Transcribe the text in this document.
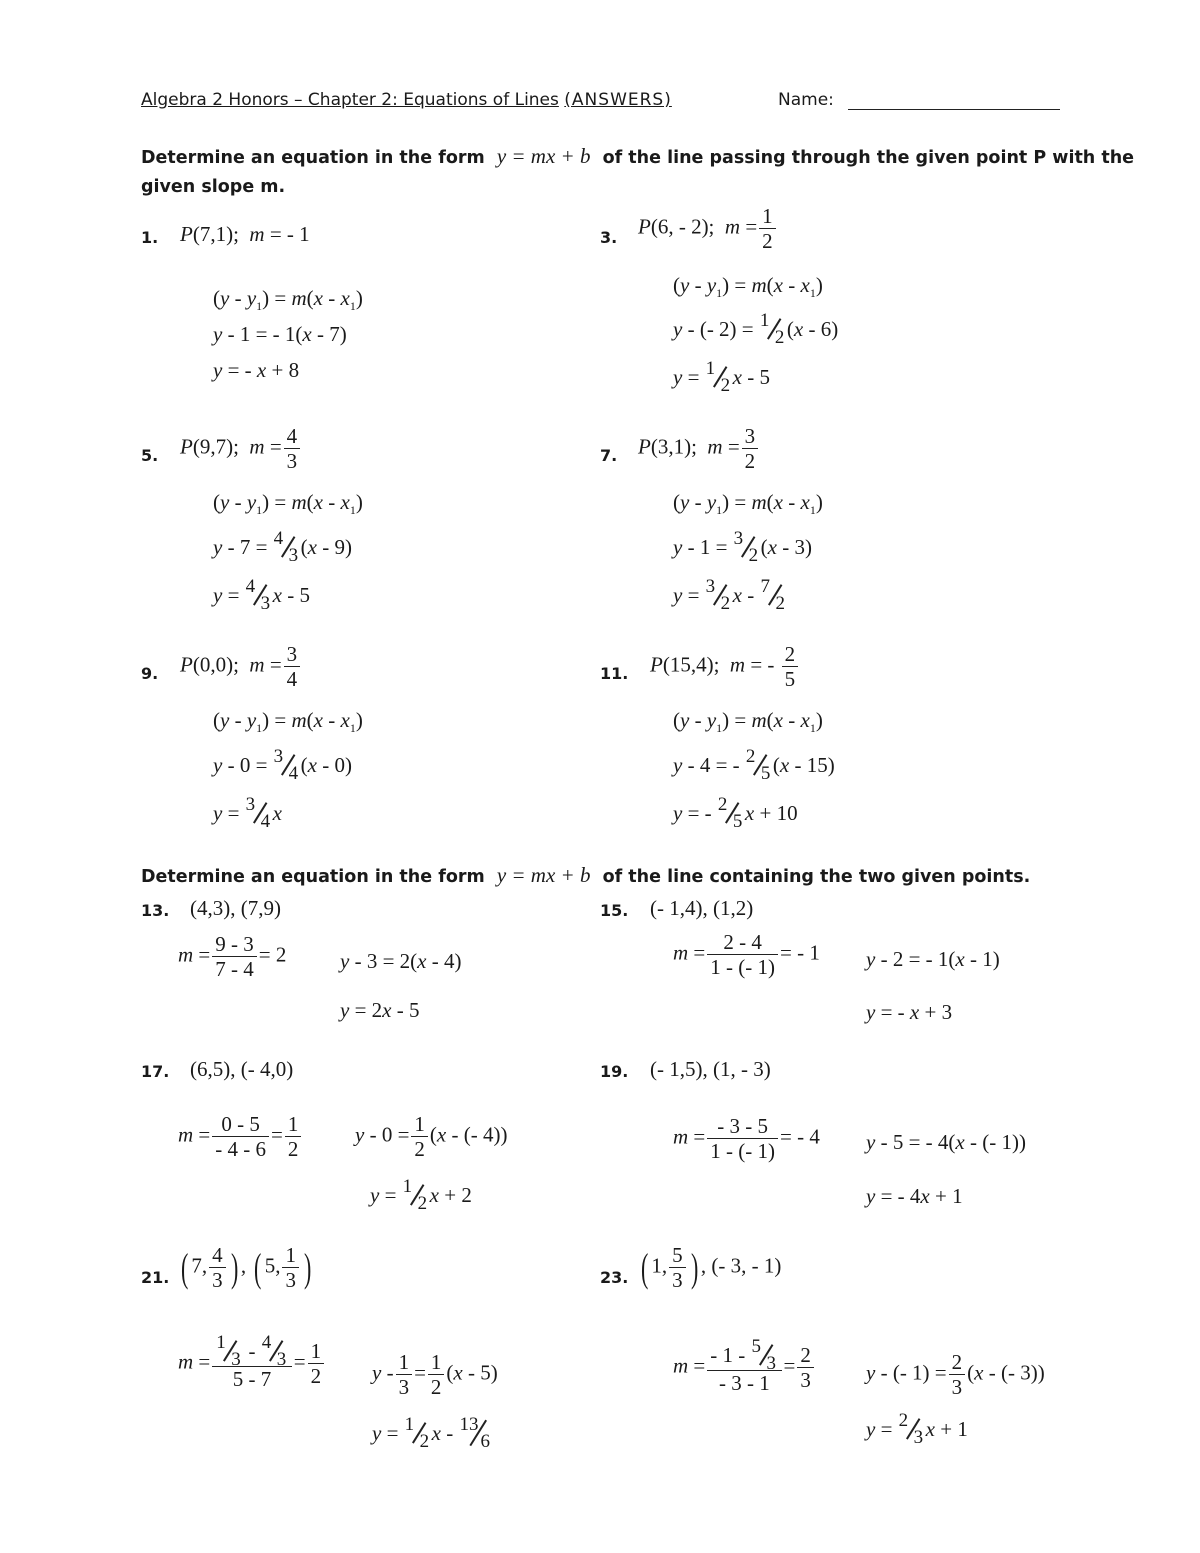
Algebra 2 Honors – Chapter 2: Equations of Lines (ANSWERS)	Name:
Determine an equation in the form y = mx + b of the line passing through the given point P with the
given slope m.
1. P(7,1);  m = - 1
$(y - y_1) = m(x - x_1)$
y - 1 = - 1(x - 7)
y = - x + 8
3. P(6, - 2);  $m = \frac{1}{2}$
$(y - y_1) = m(x - x_1)$
y - (- 2) = 1
2 (x - 6)
y = 1
2 x - 5
5. P(9,7);  $m = \frac{4}{3}$
$(y - y_1) = m(x - x_1)$
y - 7 = 4
3 (x - 9)
y = 4
3 x - 5
7. P(3,1);  $m = \frac{3}{2}$
$(y - y_1) = m(x - x_1)$
y - 1 = 3
2 (x - 3)
y = 3
2 x - 7
2
9. P(0,0);  $m = \frac{3}{4}$
$(y - y_1) = m(x - x_1)$
y - 0 = 3
4 (x - 0)
y = 3
4 x
11. P(15,4);  m = - $\frac{2}{5}$
$(y - y_1) = m(x - x_1)$
y - 4 = - 2
5 (x - 15)
y = - 2
5 x + 10
Determine an equation in the form y = mx + b of the line containing the two given points.
13. (4,3), (7,9)
$m = \frac{9 - 3}{7 - 4} = 2$	y - 3 = 2(x - 4)
y = 2x - 5
15. (- 1,4), (1,2)
$m = \frac{2 - 4}{1 - (- 1)}$ = - 1 y - 2 = - 1(x - 1)
y = - x + 3
17. (6,5), (- 4,0)
$m = \frac{0 - 5}{- 4 - 6} = \frac{1}{2}$	$y - 0 = \frac{1}{2} (x$ - (- 4))
y = 1
2 x + 2
19. (- 1,5), (1, - 3)
$m = \frac{- 3 - 5}{1 - (- 1)}$ = - 4 y - 5 = - 4(x - (- 1))
y = - 4x + 1
21. ( 7, $\frac{4}{3}$ ) , ( 5, $\frac{1}{3}$ )
m = 1
3 - 4
3
$5 - 7 = \frac{1}{2}$ $y - \frac{1}{3} = \frac{1}{2} (x - 5)$
y = 1
2 x - 13
6
23. ( 1, $\frac{5}{3}$ ) , (- 3, - 1)
m = - 1 - 5
3
- $3 - 1 = \frac{2}{3}$ y - (- $1) = \frac{2}{3} (x$ - (- 3))
y = 2
3 x + 1
